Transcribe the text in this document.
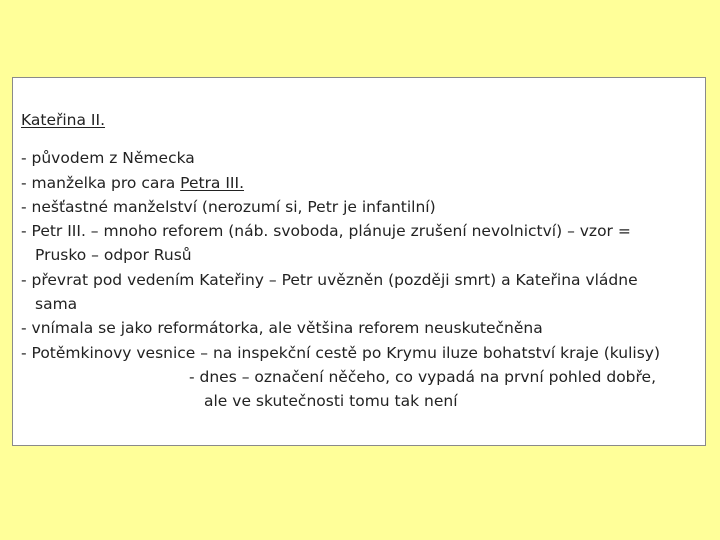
Kateřina II.
- původem z Německa
- manželka pro cara Petra III.
- nešťastné manželství (nerozumí si, Petr je infantilní)
- Petr III. – mnoho reforem (náb. svoboda, plánuje zrušení nevolnictví) – vzor =
Prusko – odpor Rusů
- převrat pod vedením Kateřiny – Petr uvězněn (později smrt) a Kateřina vládne
sama
- vnímala se jako reformátorka, ale většina reforem neuskutečněna
- Potěmkinovy vesnice – na inspekční cestě po Krymu iluze bohatství kraje (kulisy)
- dnes – označení něčeho, co vypadá na první pohled dobře,
ale ve skutečnosti tomu tak není
